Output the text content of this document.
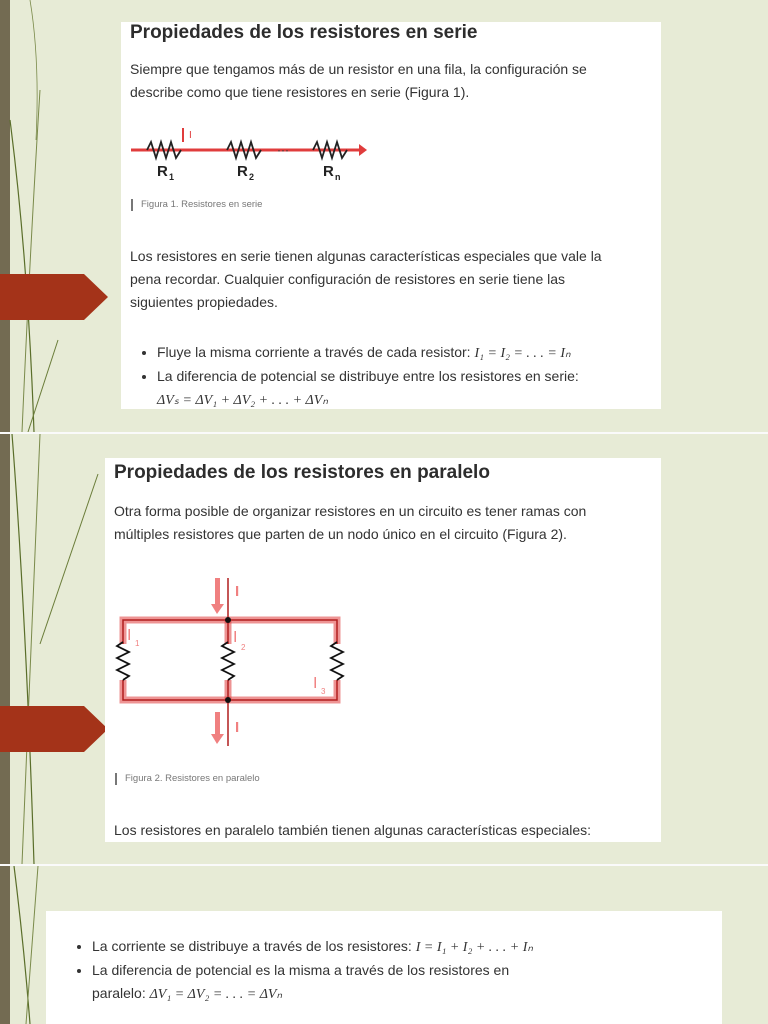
Propiedades de los resistores en serie
Siempre que tengamos más de un resistor en una fila, la configuración se
describe como que tiene resistores en serie (Figura 1).
···
I
R 1	R 2	R n
Figura 1. Resistores en serie
Los resistores en serie tienen algunas características especiales que vale la
pena recordar. Cualquier configuración de resistores en serie tiene las
siguientes propiedades.
• Fluye la misma corriente a través de cada resistor: I₁ = I₂ = . . . = Iₙ
• La diferencia de potencial se distribuye entre los resistores en serie:
ΔVₛ = ΔV₁ + ΔV₂ + . . . + ΔVₙ
Propiedades de los resistores en paralelo
Otra forma posible de organizar resistores en un circuito es tener ramas con
múltiples resistores que parten de un nodo único en el circuito (Figura 2).
I
I
I 1	I
2
I 3
Figura 2. Resistores en paralelo
Los resistores en paralelo también tienen algunas características especiales:
• La corriente se distribuye a través de los resistores: I = I₁ + I₂ + . . . + Iₙ
• La diferencia de potencial es la misma a través de los resistores en
paralelo: ΔV₁ = ΔV₂ = . . . = ΔVₙ
